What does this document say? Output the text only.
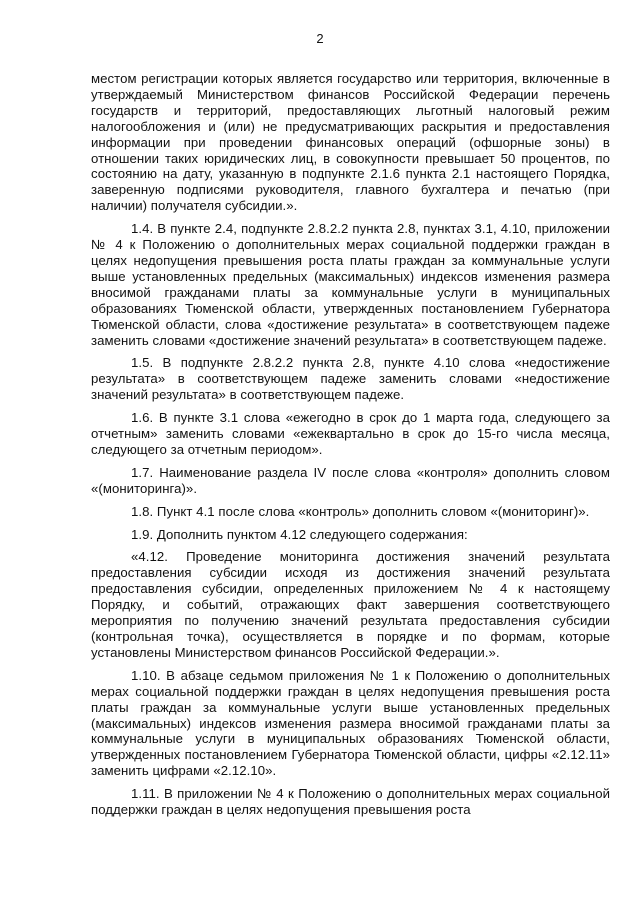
2

местом регистрации которых является государство или территория, включенные в утверждаемый Министерством финансов Российской Федерации перечень государств и территорий, предоставляющих льготный налоговый режим налогообложения и (или) не предусматривающих раскрытия и предоставления информации при проведении финансовых операций (офшорные зоны) в отношении таких юридических лиц, в совокупности превышает 50 процентов, по состоянию на дату, указанную в подпункте 2.1.6 пункта 2.1 настоящего Порядка, заверенную подписями руководителя, главного бухгалтера и печатью (при наличии) получателя субсидии.».

1.4. В пункте 2.4, подпункте 2.8.2.2 пункта 2.8, пунктах 3.1, 4.10, приложении № 4 к Положению о дополнительных мерах социальной поддержки граждан в целях недопущения превышения роста платы граждан за коммунальные услуги выше установленных предельных (максимальных) индексов изменения размера вносимой гражданами платы за коммунальные услуги в муниципальных образованиях Тюменской области, утвержденных постановлением Губернатора Тюменской области, слова «достижение результата» в соответствующем падеже заменить словами «достижение значений результата» в соответствующем падеже.

1.5. В подпункте 2.8.2.2 пункта 2.8, пункте 4.10 слова «недостижение результата» в соответствующем падеже заменить словами «недостижение значений результата» в соответствующем падеже.

1.6. В пункте 3.1 слова «ежегодно в срок до 1 марта года, следующего за отчетным» заменить словами «ежеквартально в срок до 15-го числа месяца, следующего за отчетным периодом».

1.7. Наименование раздела IV после слова «контроля» дополнить словом «(мониторинга)».

1.8. Пункт 4.1 после слова «контроль» дополнить словом «(мониторинг)».

1.9. Дополнить пунктом 4.12 следующего содержания:

«4.12. Проведение мониторинга достижения значений результата предоставления субсидии исходя из достижения значений результата предоставления субсидии, определенных приложением № 4 к настоящему Порядку, и событий, отражающих факт завершения соответствующего мероприятия по получению значений результата предоставления субсидии (контрольная точка), осуществляется в порядке и по формам, которые установлены Министерством финансов Российской Федерации.».

1.10. В абзаце седьмом приложения № 1 к Положению о дополнительных мерах социальной поддержки граждан в целях недопущения превышения роста платы граждан за коммунальные услуги выше установленных предельных (максимальных) индексов изменения размера вносимой гражданами платы за коммунальные услуги в муниципальных образованиях Тюменской области, утвержденных постановлением Губернатора Тюменской области, цифры «2.12.11» заменить цифрами «2.12.10».

1.11. В приложении № 4 к Положению о дополнительных мерах социальной поддержки граждан в целях недопущения превышения роста
